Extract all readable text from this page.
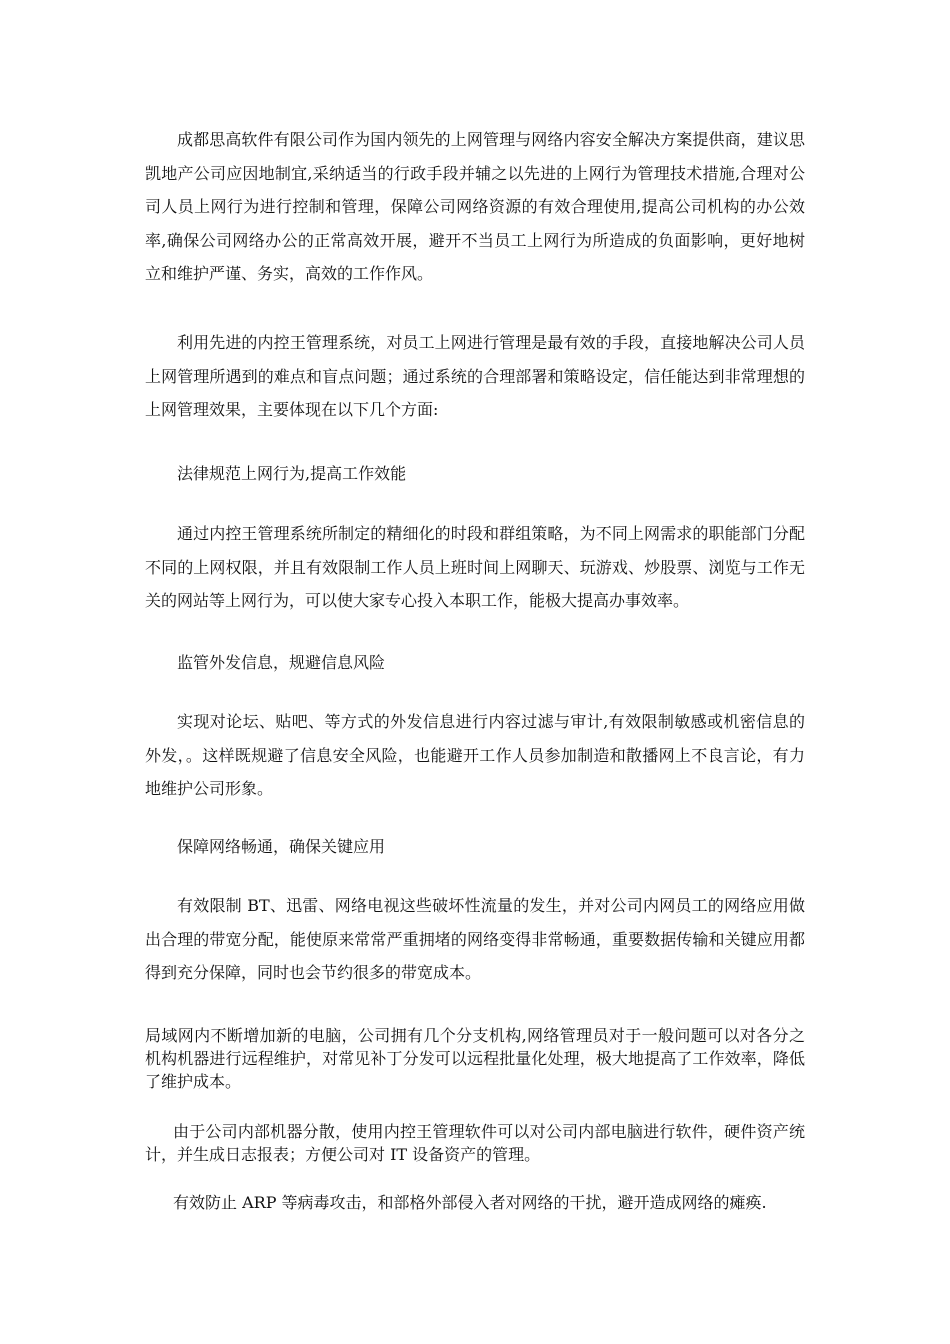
成都思高软件有限公司作为国内领先的上网管理与网络内容安全解决方案提供商，建议思凯地产公司应因地制宜,采纳适当的行政手段并辅之以先进的上网行为管理技术措施,合理对公司人员上网行为进行控制和管理，保障公司网络资源的有效合理使用,提高公司机构的办公效率,确保公司网络办公的正常高效开展，避开不当员工上网行为所造成的负面影响，更好地树立和维护严谨、务实，高效的工作作风。

利用先进的内控王管理系统，对员工上网进行管理是最有效的手段，直接地解决公司人员上网管理所遇到的难点和盲点问题；通过系统的合理部署和策略设定，信任能达到非常理想的上网管理效果，主要体现在以下几个方面:

法律规范上网行为,提高工作效能

通过内控王管理系统所制定的精细化的时段和群组策略，为不同上网需求的职能部门分配不同的上网权限，并且有效限制工作人员上班时间上网聊天、玩游戏、炒股票、浏览与工作无关的网站等上网行为，可以使大家专心投入本职工作，能极大提高办事效率。

监管外发信息，规避信息风险

实现对论坛、贴吧、等方式的外发信息进行内容过滤与审计,有效限制敏感或机密信息的外发，。这样既规避了信息安全风险，也能避开工作人员参加制造和散播网上不良言论，有力地维护公司形象。

保障网络畅通，确保关键应用

有效限制 BT、迅雷、网络电视这些破坏性流量的发生，并对公司内网员工的网络应用做出合理的带宽分配，能使原来常常严重拥堵的网络变得非常畅通，重要数据传输和关键应用都得到充分保障，同时也会节约很多的带宽成本。

局域网内不断增加新的电脑，公司拥有几个分支机构,网络管理员对于一般问题可以对各分之机构机器进行远程维护，对常见补丁分发可以远程批量化处理，极大地提高了工作效率，降低了维护成本。

由于公司内部机器分散，使用内控王管理软件可以对公司内部电脑进行软件，硬件资产统计，并生成日志报表；方便公司对 IT 设备资产的管理。

有效防止 ARP 等病毒攻击，和部格外部侵入者对网络的干扰，避开造成网络的瘫痪.
